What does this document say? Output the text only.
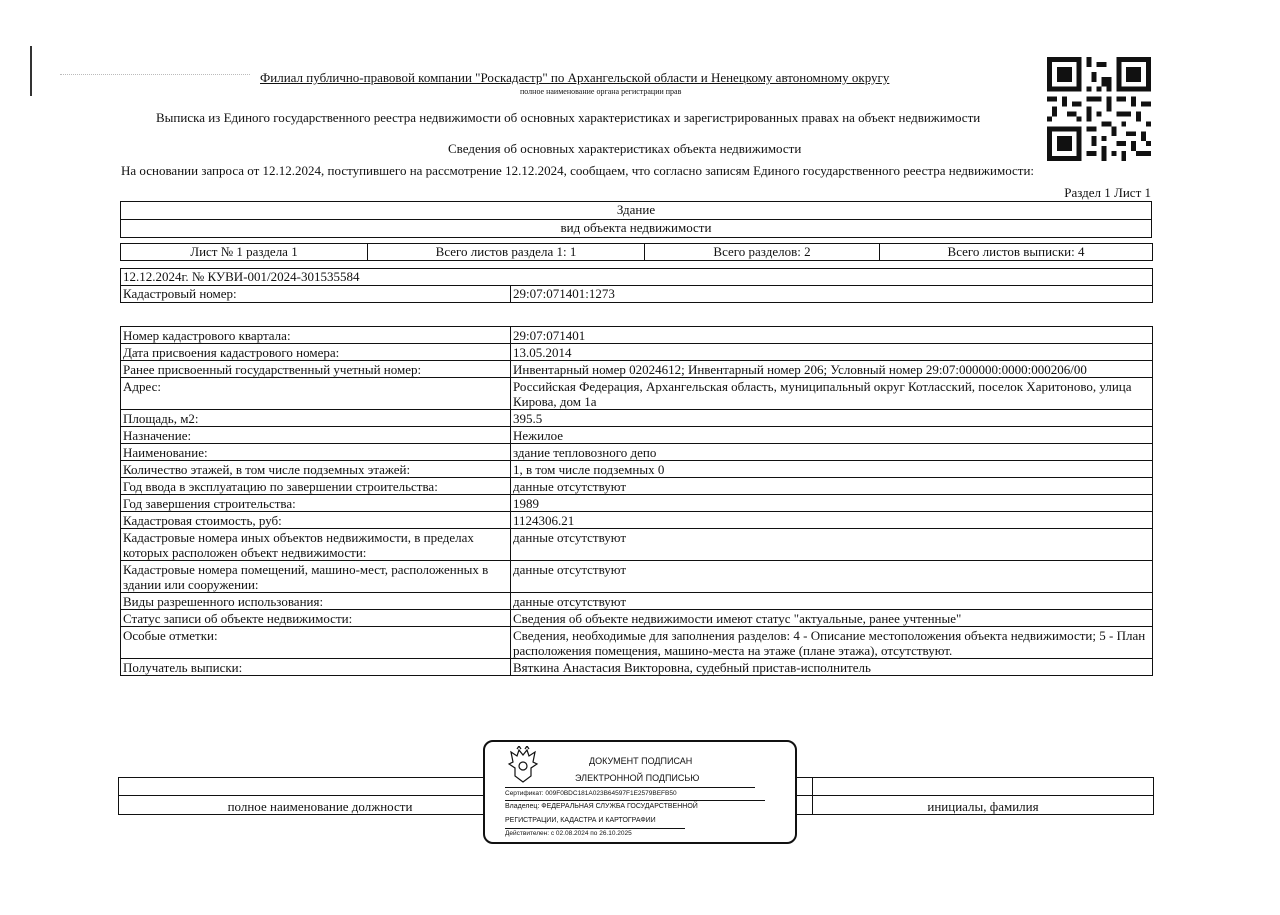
Филиал публично-правовой компании "Роскадастр" по Архангельской области и Ненецкому автономному округу
полное наименование органа регистрации прав
Выписка из Единого государственного реестра недвижимости об основных характеристиках и зарегистрированных правах на объект недвижимости
Сведения об основных характеристиках объекта недвижимости
На основании запроса от 12.12.2024, поступившего на рассмотрение 12.12.2024, сообщаем, что согласно записям Единого государственного реестра недвижимости:
Раздел 1 Лист 1
Здание
вид объекта недвижимости
Лист № 1 раздела 1	Всего листов раздела 1: 1	Всего разделов: 2	Всего листов выписки: 4
12.12.2024г. № КУВИ-001/2024-301535584
Кадастровый номер:	29:07:071401:1273
Номер кадастрового квартала:	29:07:071401
Дата присвоения кадастрового номера:	13.05.2014
Ранее присвоенный государственный учетный номер:	Инвентарный номер 02024612; Инвентарный номер 206; Условный номер 29:07:000000:0000:000206/00
Адрес:	Российская Федерация, Архангельская область, муниципальный округ Котласский, поселок Харитоново, улица Кирова, дом 1а
Площадь, м2:	395.5
Назначение:	Нежилое
Наименование:	здание тепловозного депо
Количество этажей, в том числе подземных этажей:	1, в том числе подземных 0
Год ввода в эксплуатацию по завершении строительства:	данные отсутствуют
Год завершения строительства:	1989
Кадастровая стоимость, руб:	1124306.21
Кадастровые номера иных объектов недвижимости, в пределах которых расположен объект недвижимости:	данные отсутствуют
Кадастровые номера помещений, машино-мест, расположенных в здании или сооружении:	данные отсутствуют
Виды разрешенного использования:	данные отсутствуют
Статус записи об объекте недвижимости:	Сведения об объекте недвижимости имеют статус "актуальные, ранее учтенные"
Особые отметки:	Сведения, необходимые для заполнения разделов: 4 - Описание местоположения объекта недвижимости; 5 - План расположения помещения, машино-места на этаже (плане этажа), отсутствуют.
Получатель выписки:	Вяткина Анастасия Викторовна, судебный пристав-исполнитель
полное наименование должности	инициалы, фамилия
ДОКУМЕНТ ПОДПИСАН
ЭЛЕКТРОННОЙ ПОДПИСЬЮ
Сертификат: 009F0BDC181A023B64597F1E2579BEFB50
Владелец: ФЕДЕРАЛЬНАЯ СЛУЖБА ГОСУДАРСТВЕННОЙ
РЕГИСТРАЦИИ, КАДАСТРА И КАРТОГРАФИИ
Действителен: с 02.08.2024 по 26.10.2025
